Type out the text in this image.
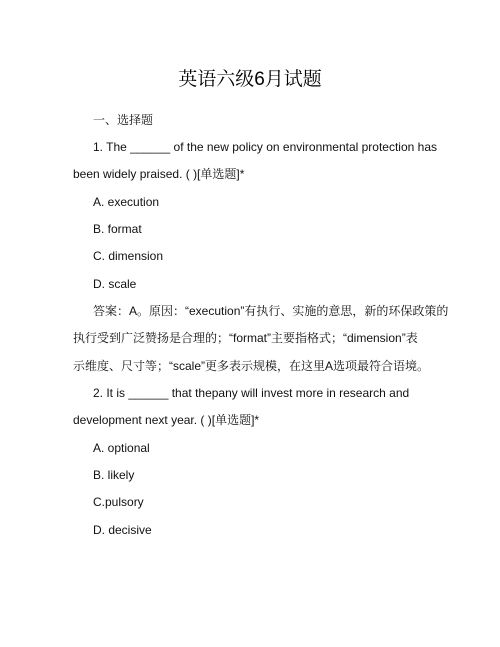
英语六级6月试题
一、选择题
1. The ______ of the new policy on environmental protection has
been widely praised. ( )[单选题]*
A. execution
B. format
C. dimension
D. scale
答案：A。原因：“execution”有执行、实施的意思，新的环保政策的
执行受到广泛赞扬是合理的；“format”主要指格式；“dimension”表
示维度、尺寸等；“scale”更多表示规模，在这里A选项最符合语境。
2. It is ______ that thepany will invest more in research and
development next year. ( )[单选题]*
A. optional
B. likely
C.pulsory
D. decisive
